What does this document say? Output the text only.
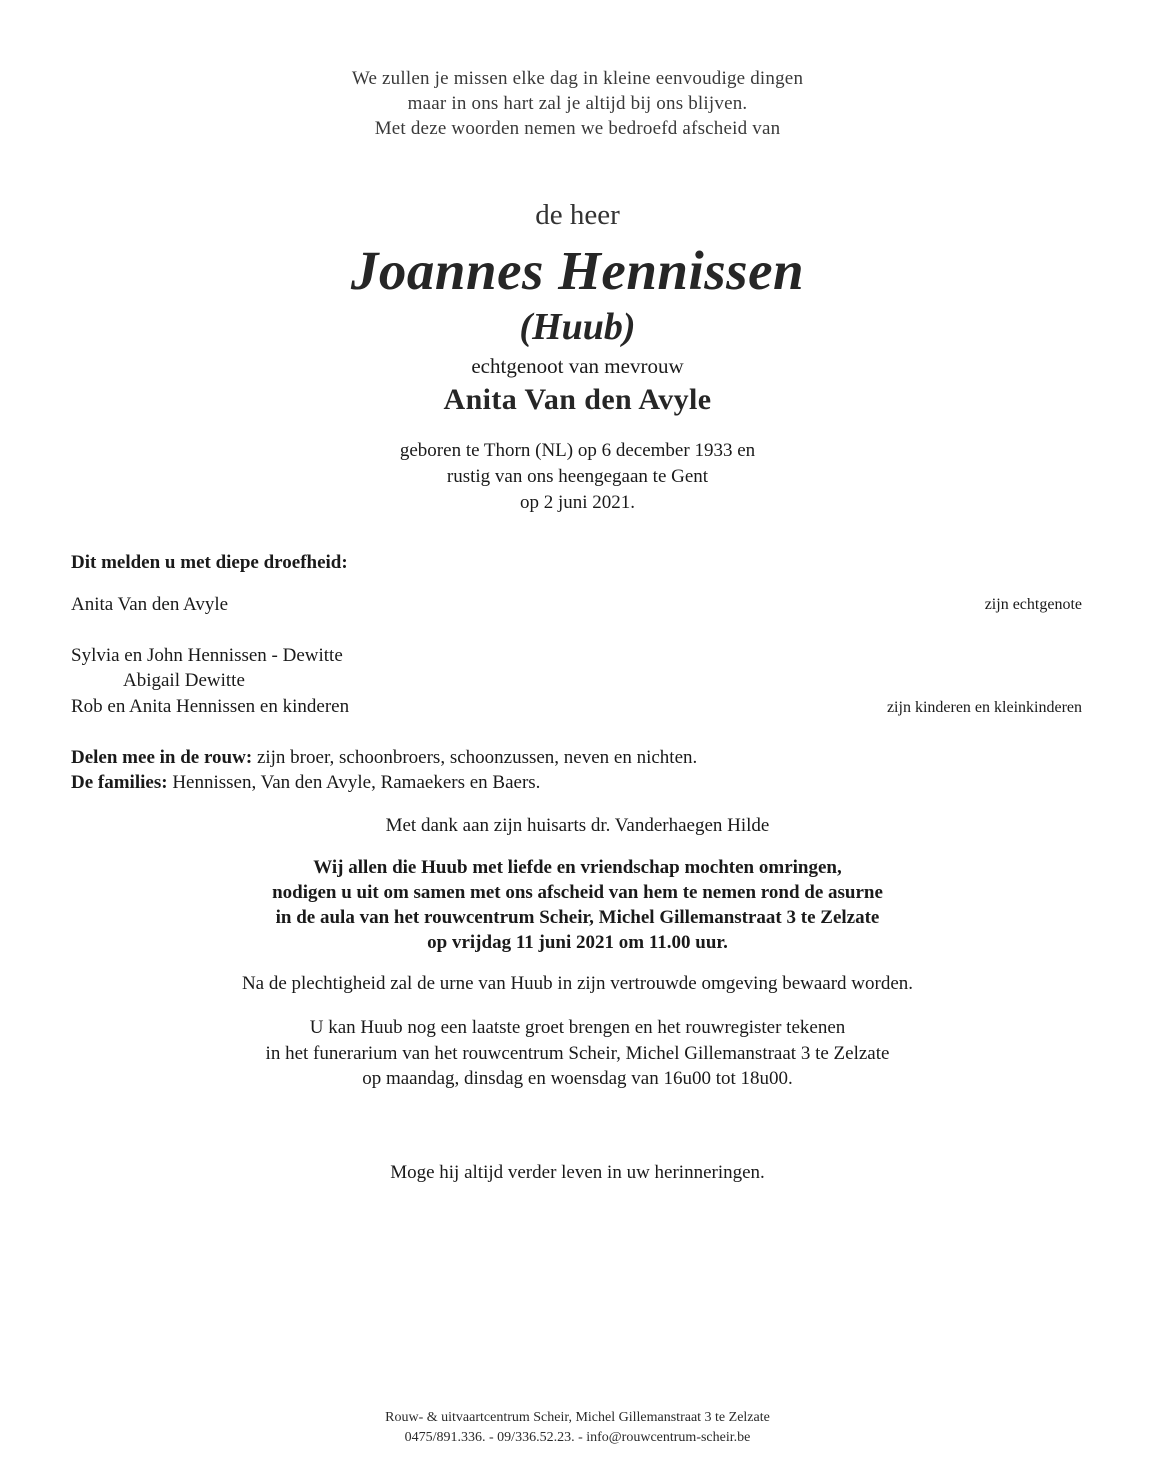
We zullen je missen elke dag in kleine eenvoudige dingen
maar in ons hart zal je altijd bij ons blijven.
Met deze woorden nemen we bedroefd afscheid van
de heer
Joannes Hennissen
(Huub)
echtgenoot van mevrouw
Anita Van den Avyle
geboren te Thorn (NL) op 6 december 1933 en
rustig van ons heengegaan te Gent
op 2 juni 2021.
Dit melden u met diepe droefheid:
Anita Van den Avyle	zijn echtgenote
Sylvia en John Hennissen - Dewitte
Abigail Dewitte
Rob en Anita Hennissen en kinderen	zijn kinderen en kleinkinderen
Delen mee in de rouw: zijn broer, schoonbroers, schoonzussen, neven en nichten.
De families: Hennissen, Van den Avyle, Ramaekers en Baers.
Met dank aan zijn huisarts dr. Vanderhaegen Hilde
Wij allen die Huub met liefde en vriendschap mochten omringen,
nodigen u uit om samen met ons afscheid van hem te nemen rond de asurne
in de aula van het rouwcentrum Scheir, Michel Gillemanstraat 3 te Zelzate
op vrijdag 11 juni 2021 om 11.00 uur.
Na de plechtigheid zal de urne van Huub in zijn vertrouwde omgeving bewaard worden.
U kan Huub nog een laatste groet brengen en het rouwregister tekenen
in het funerarium van het rouwcentrum Scheir, Michel Gillemanstraat 3 te Zelzate
op maandag, dinsdag en woensdag van 16u00 tot 18u00.
Moge hij altijd verder leven in uw herinneringen.
Rouw- & uitvaartcentrum Scheir, Michel Gillemanstraat 3 te Zelzate
0475/891.336. - 09/336.52.23. - info@rouwcentrum-scheir.be
